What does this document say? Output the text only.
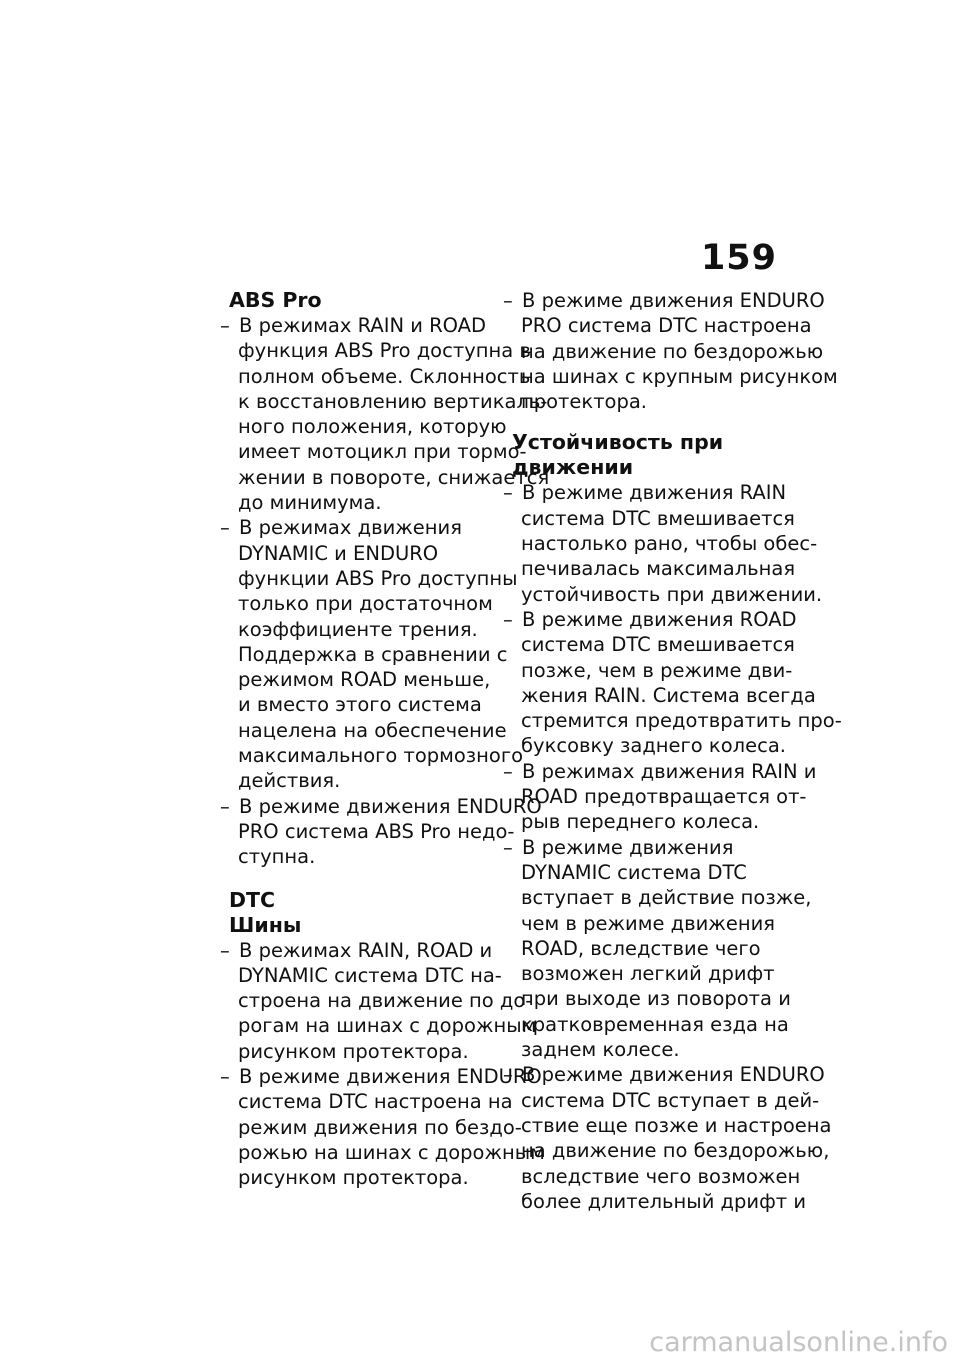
159
ABS Pro
– В режимах RAIN и ROAD
функция ABS Pro доступна в
полном объеме. Склонность
к восстановлению вертикаль-
ного положения, которую
имеет мотоцикл при тормо-
жении в повороте, снижается
до минимума.
– В режимах движения
DYNAMIC и ENDURO
функции ABS Pro доступны
только при достаточном
коэффициенте трения.
Поддержка в сравнении с
режимом ROAD меньше,
и вместо этого система
нацелена на обеспечение
максимального тормозного
действия.
– В режиме движения ENDURO
PRO система ABS Pro недо-
ступна.
DTC
Шины
– В режимах RAIN, ROAD и
DYNAMIC система DTC на-
строена на движение по до-
рогам на шинах с дорожным
рисунком протектора.
– В режиме движения ENDURO
система DTC настроена на
режим движения по бездо-
рожью на шинах с дорожным
рисунком протектора.
– В режиме движения ENDURO
PRO система DTC настроена
на движение по бездорожью
на шинах с крупным рисунком
протектора.
Устойчивость при
движении
– В режиме движения RAIN
система DTC вмешивается
настолько рано, чтобы обес-
печивалась максимальная
устойчивость при движении.
– В режиме движения ROAD
система DTC вмешивается
позже, чем в режиме дви-
жения RAIN. Система всегда
стремится предотвратить про-
буксовку заднего колеса.
– В режимах движения RAIN и
ROAD предотвращается от-
рыв переднего колеса.
– В режиме движения
DYNAMIC система DTC
вступает в действие позже,
чем в режиме движения
ROAD, вследствие чего
возможен легкий дрифт
при выходе из поворота и
кратковременная езда на
заднем колесе.
– В режиме движения ENDURO
система DTC вступает в дей-
ствие еще позже и настроена
на движение по бездорожью,
вследствие чего возможен
более длительный дрифт и
carmanualsonline.info
